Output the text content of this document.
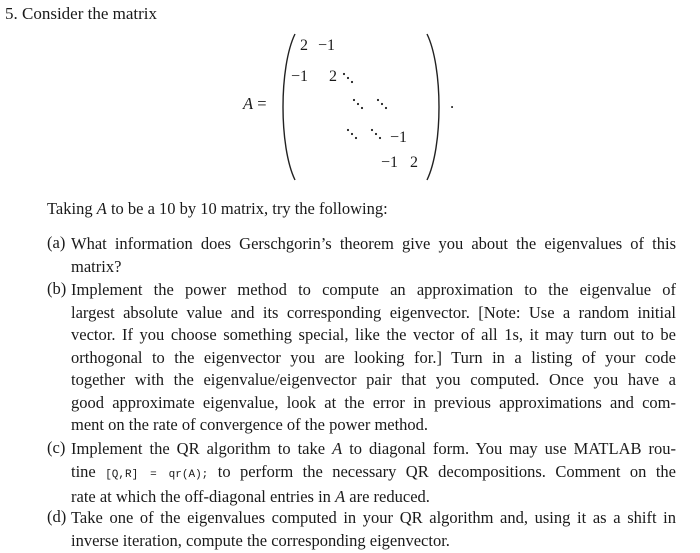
5. Consider the matrix
A =
2 −1
−1 2
−1
−1 2
.
Taking A to be a 10 by 10 matrix, try the following:
(a) What information does Gerschgorin’s theorem give you about the eigenvalues of this
matrix?
(b) Implement the power method to compute an approximation to the eigenvalue of
largest absolute value and its corresponding eigenvector. [Note: Use a random initial
vector. If you choose something special, like the vector of all 1s, it may turn out to be
orthogonal to the eigenvector you are looking for.] Turn in a listing of your code
together with the eigenvalue/eigenvector pair that you computed. Once you have a
good approximate eigenvalue, look at the error in previous approximations and com-
ment on the rate of convergence of the power method.
(c) Implement the QR algorithm to take A to diagonal form. You may use MATLAB rou-
tine [Q,R] = qr(A); to perform the necessary QR decompositions. Comment on the
rate at which the off-diagonal entries in A are reduced.
(d) Take one of the eigenvalues computed in your QR algorithm and, using it as a shift in
inverse iteration, compute the corresponding eigenvector.
